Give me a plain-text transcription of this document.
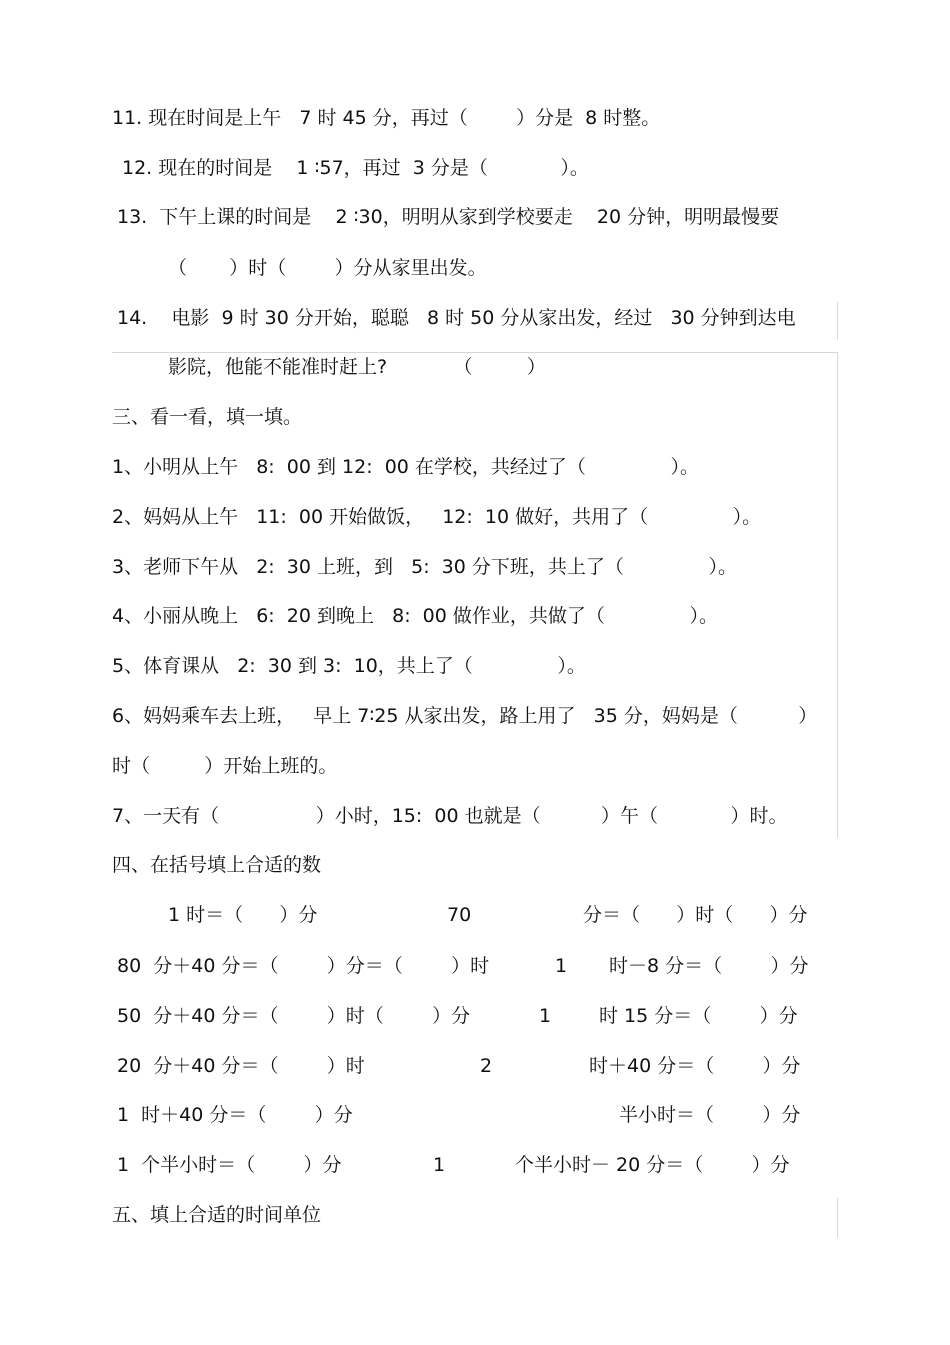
11. 现在时间是上午   7 时 45 分，再过（        ）分是  8 时整。
12. 现在的时间是    1 ∶57，再过  3 分是（            ）。
13.  下午上课的时间是    2 ∶30，明明从家到学校要走    20 分钟，明明最慢要
（       ）时（        ）分从家里出发。
14.    电影  9 时 30 分开始，聪聪   8 时 50 分从家出发，经过   30 分钟到达电
影院，他能不能准时赶上?           （         ）
三、看一看，填一填。
1、小明从上午   8:  00 到 12:  00 在学校，共经过了（              ）。
2、妈妈从上午   11:  00 开始做饭，   12:  10 做好，共用了（              ）。
3、老师下午从   2:  30 上班，到   5:  30 分下班，共上了（              ）。
4、小丽从晚上   6:  20 到晚上   8:  00 做作业，共做了（              ）。
5、体育课从   2:  30 到 3:  10，共上了（              ）。
6、妈妈乘车去上班，   早上 7∶25 从家出发，路上用了   35 分，妈妈是（          ）
时（         ）开始上班的。
7、一天有（                ）小时，15:  00 也就是（          ）午（            ）时。
四、在括号填上合适的数
1 时＝（      ）分	70	分＝（      ）时（      ）分
80  分＋40 分＝（        ）分＝（        ）时	1 时－8 分＝（        ）分
50  分＋40 分＝（        ）时（        ）分	1	时 15 分＝（        ）分
20  分＋40 分＝（        ）时	2	时＋40 分＝（        ）分
1  时＋40 分＝（        ）分	半小时＝（        ）分
1  个半小时＝（        ）分	1	个半小时－ 20 分＝（        ）分
五、填上合适的时间单位
